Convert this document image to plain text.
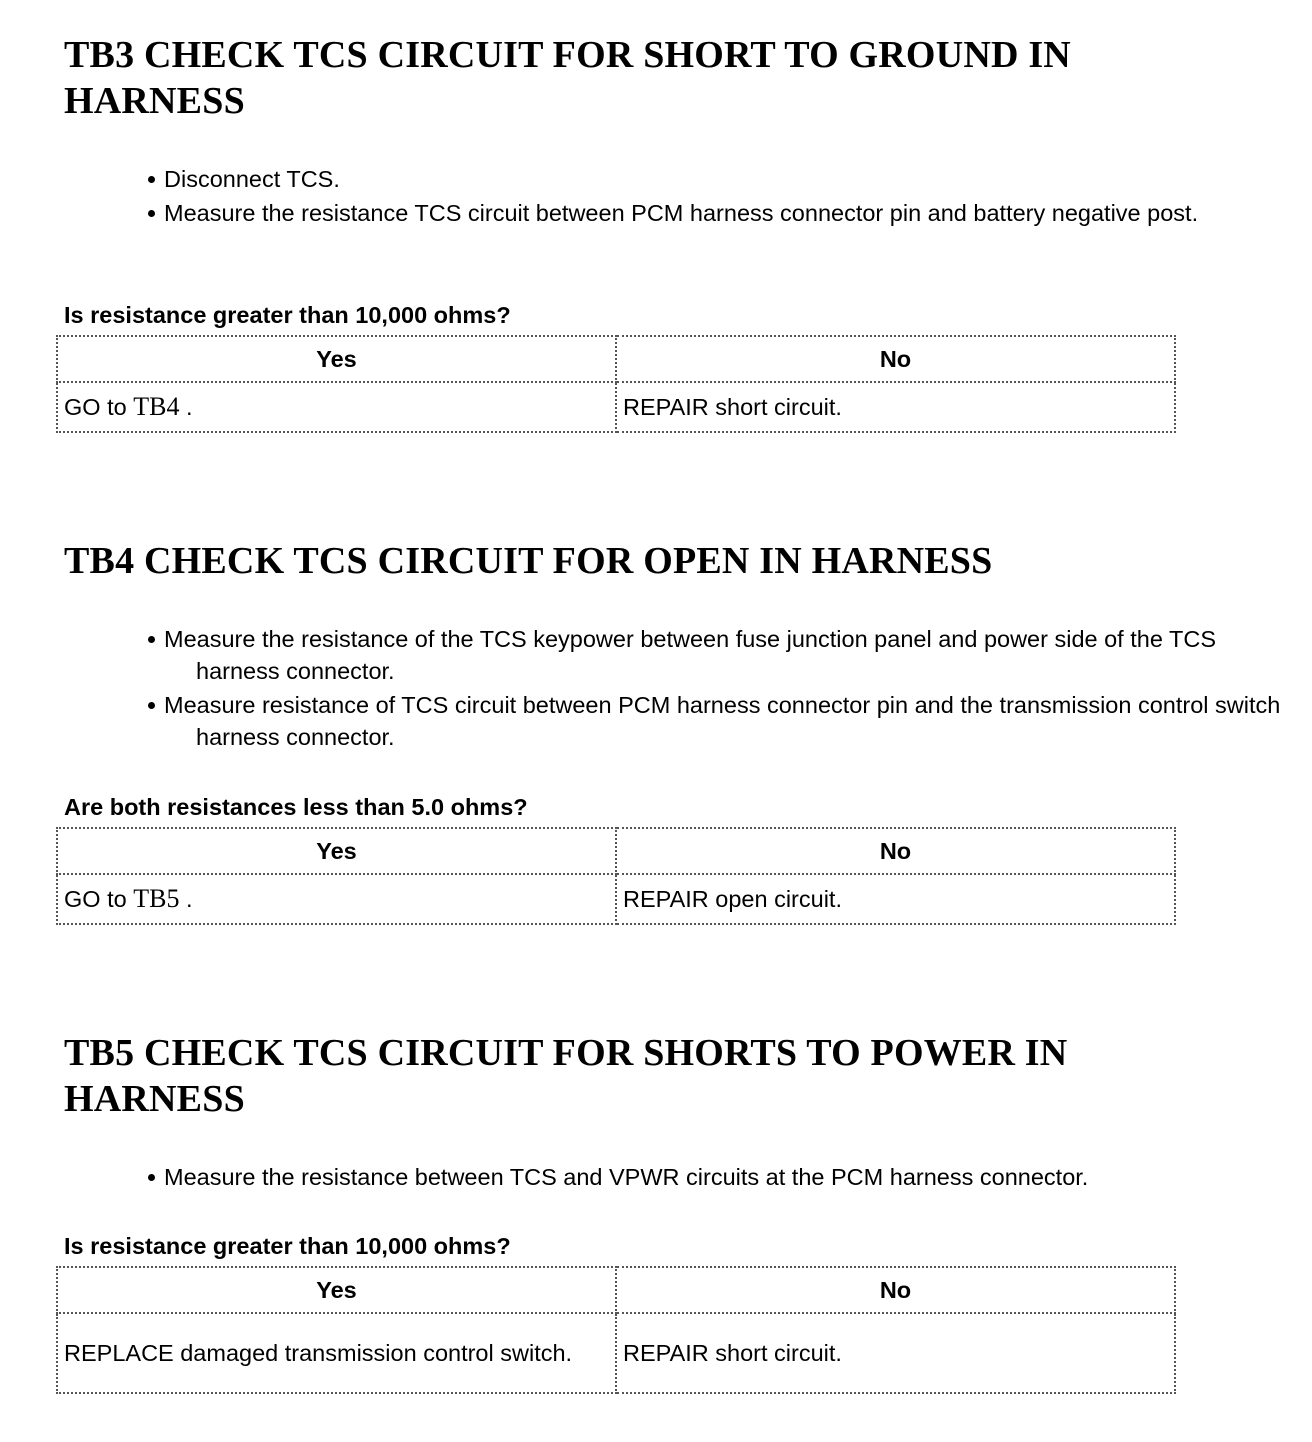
TB3 CHECK TCS CIRCUIT FOR SHORT TO GROUND IN HARNESS
Disconnect TCS.
Measure the resistance TCS circuit between PCM harness connector pin and battery negative post.

Is resistance greater than 10,000 ohms?

Yes	No
GO to TB4 .	REPAIR short circuit.
TB4 CHECK TCS CIRCUIT FOR OPEN IN HARNESS
Measure the resistance of the TCS keypower between fuse junction panel and power side of the TCS harness connector.
Measure resistance of TCS circuit between PCM harness connector pin and the transmission control switch harness connector.

Are both resistances less than 5.0 ohms?

Yes	No
GO to TB5 .	REPAIR open circuit.
TB5 CHECK TCS CIRCUIT FOR SHORTS TO POWER IN HARNESS
Measure the resistance between TCS and VPWR circuits at the PCM harness connector.

Is resistance greater than 10,000 ohms?

Yes	No
REPLACE damaged transmission control switch.	REPAIR short circuit.
